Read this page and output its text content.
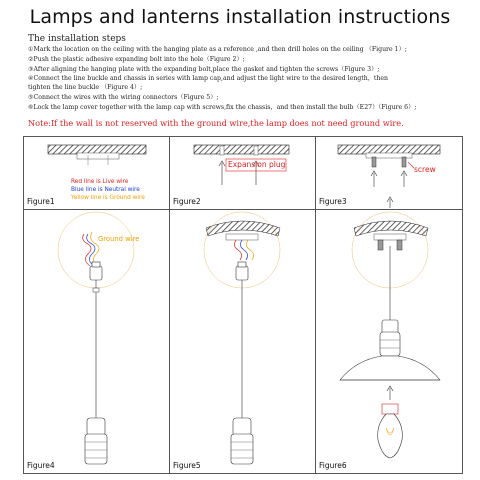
Lamps and lanterns installation instructions
The installation steps
①Mark the location on the ceiling with the hanging plate as a reference ,and then drill holes on the ceiling （Figure 1）;
②Push the plastic adhesive expanding bolt into the hole（Figure 2）;
③After aligning the hanging plate with the expanding bolt,place the gasket and tighten the screws（Figure 3）;
④Connect the line buckle and chassis in series with lamp cap,and adjust the light wire to the desired length，then
tighten the line buckle （Figure 4）;
⑤Connect the wires with the wiring connectors（Figure 5）;
⑥Lock the lamp cover together with the lamp cap with screws,fix the chassis，and then install the bulb（E27）（Figure 6）;
Note:If the wall is not reserved with the ground wire,the lamp does not need ground wire.
Red line is Live wire
Blue line is Neutral wire
Yellow line is Ground wire
Figure1
Expansion plug
Figure2
screw
Figure3
Ground wire
Figure4	Figure5	Figure6
